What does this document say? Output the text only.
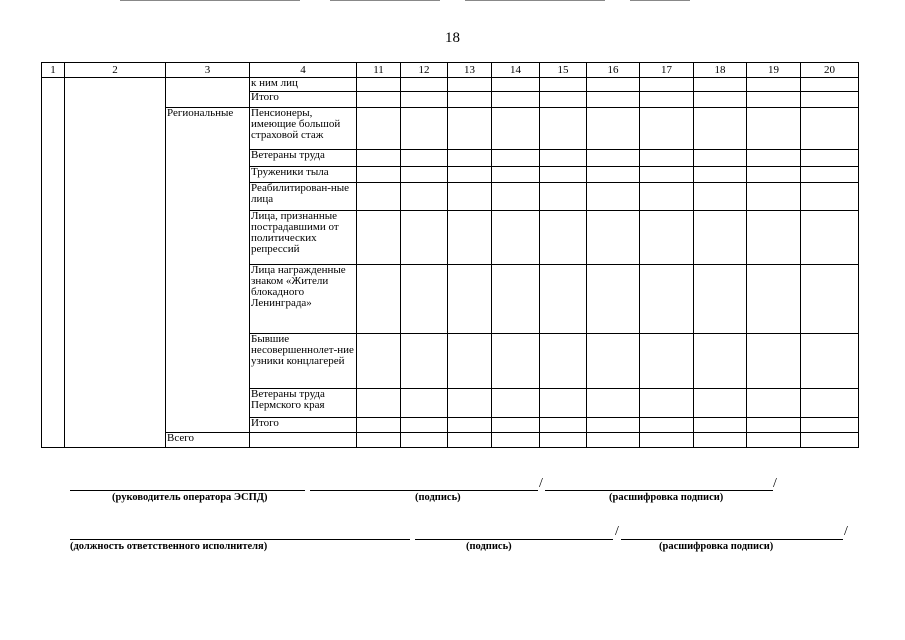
18
1	2	3	4	11	12	13	14	15	16	17	18	19	20
			к ним лиц										
			Итого										
		Региональные	Пенсионеры, имеющие большой страховой стаж										
			Ветераны труда										
			Труженики тыла										
			Реабилитирован-ные лица										
			Лица, признанные пострадавшими от политических репрессий										
			Лица награжденные знаком «Жители блокадного Ленинграда»										
			Бывшие несовершеннолет-ние узники концлагерей										
			Ветераны труда Пермского края										
			Итого										
		Всего											
/	/
(руководитель оператора ЭСПД)	(подпись)	(расшифровка подписи)
/	/
(должность ответственного исполнителя)	(подпись)	(расшифровка подписи)
